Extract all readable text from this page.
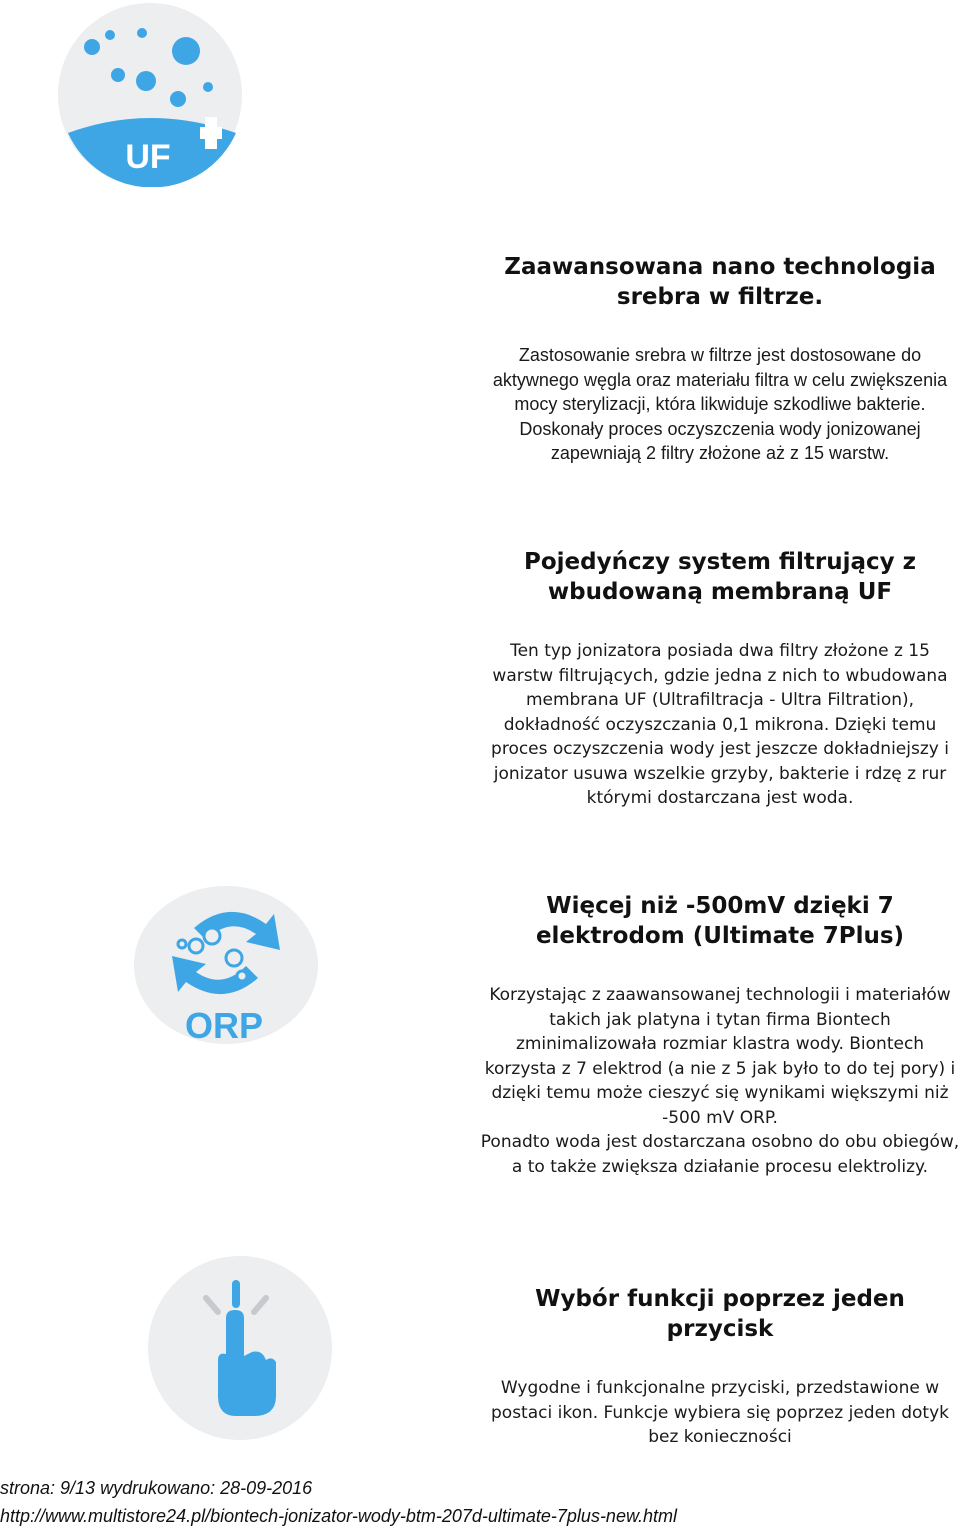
UF
ORP
Zaawansowana nano technologia srebra w filtrze.

Zastosowanie srebra w filtrze jest dostosowane do aktywnego węgla oraz materiału filtra w celu zwiększenia mocy sterylizacji, która likwiduje szkodliwe bakterie. Doskonały proces oczyszczenia wody jonizowanej zapewniają 2 filtry złożone aż z 15 warstw.

Pojedyńczy system filtrujący z wbudowaną membraną UF

Ten typ jonizatora posiada dwa filtry złożone z 15 warstw filtrujących, gdzie jedna z nich to wbudowana membrana UF (Ultrafiltracja - Ultra Filtration), dokładność oczyszczania 0,1 mikrona. Dzięki temu proces oczyszczenia wody jest jeszcze dokładniejszy i jonizator usuwa wszelkie grzyby, bakterie i rdzę z rur którymi dostarczana jest woda.

Więcej niż -500mV dzięki 7 elektrodom (Ultimate 7Plus)
Korzystając z zaawansowanej technologii i materiałów takich jak platyna i tytan firma Biontech zminimalizowała rozmiar klastra wody. Biontech korzysta z 7 elektrod (a nie z 5 jak było to do tej pory) i dzięki temu może cieszyć się wynikami większymi niż -500 mV ORP.
Ponadto woda jest dostarczana osobno do obu obiegów, a to także zwiększa działanie procesu elektrolizy.
Wybór funkcji poprzez jeden przycisk

Wygodne i funkcjonalne przyciski, przedstawione w postaci ikon. Funkcje wybiera się poprzez jeden dotyk bez konieczności

strona: 9/13 wydrukowano: 28-09-2016

http://www.multistore24.pl/biontech-jonizator-wody-btm-207d-ultimate-7plus-new.html
